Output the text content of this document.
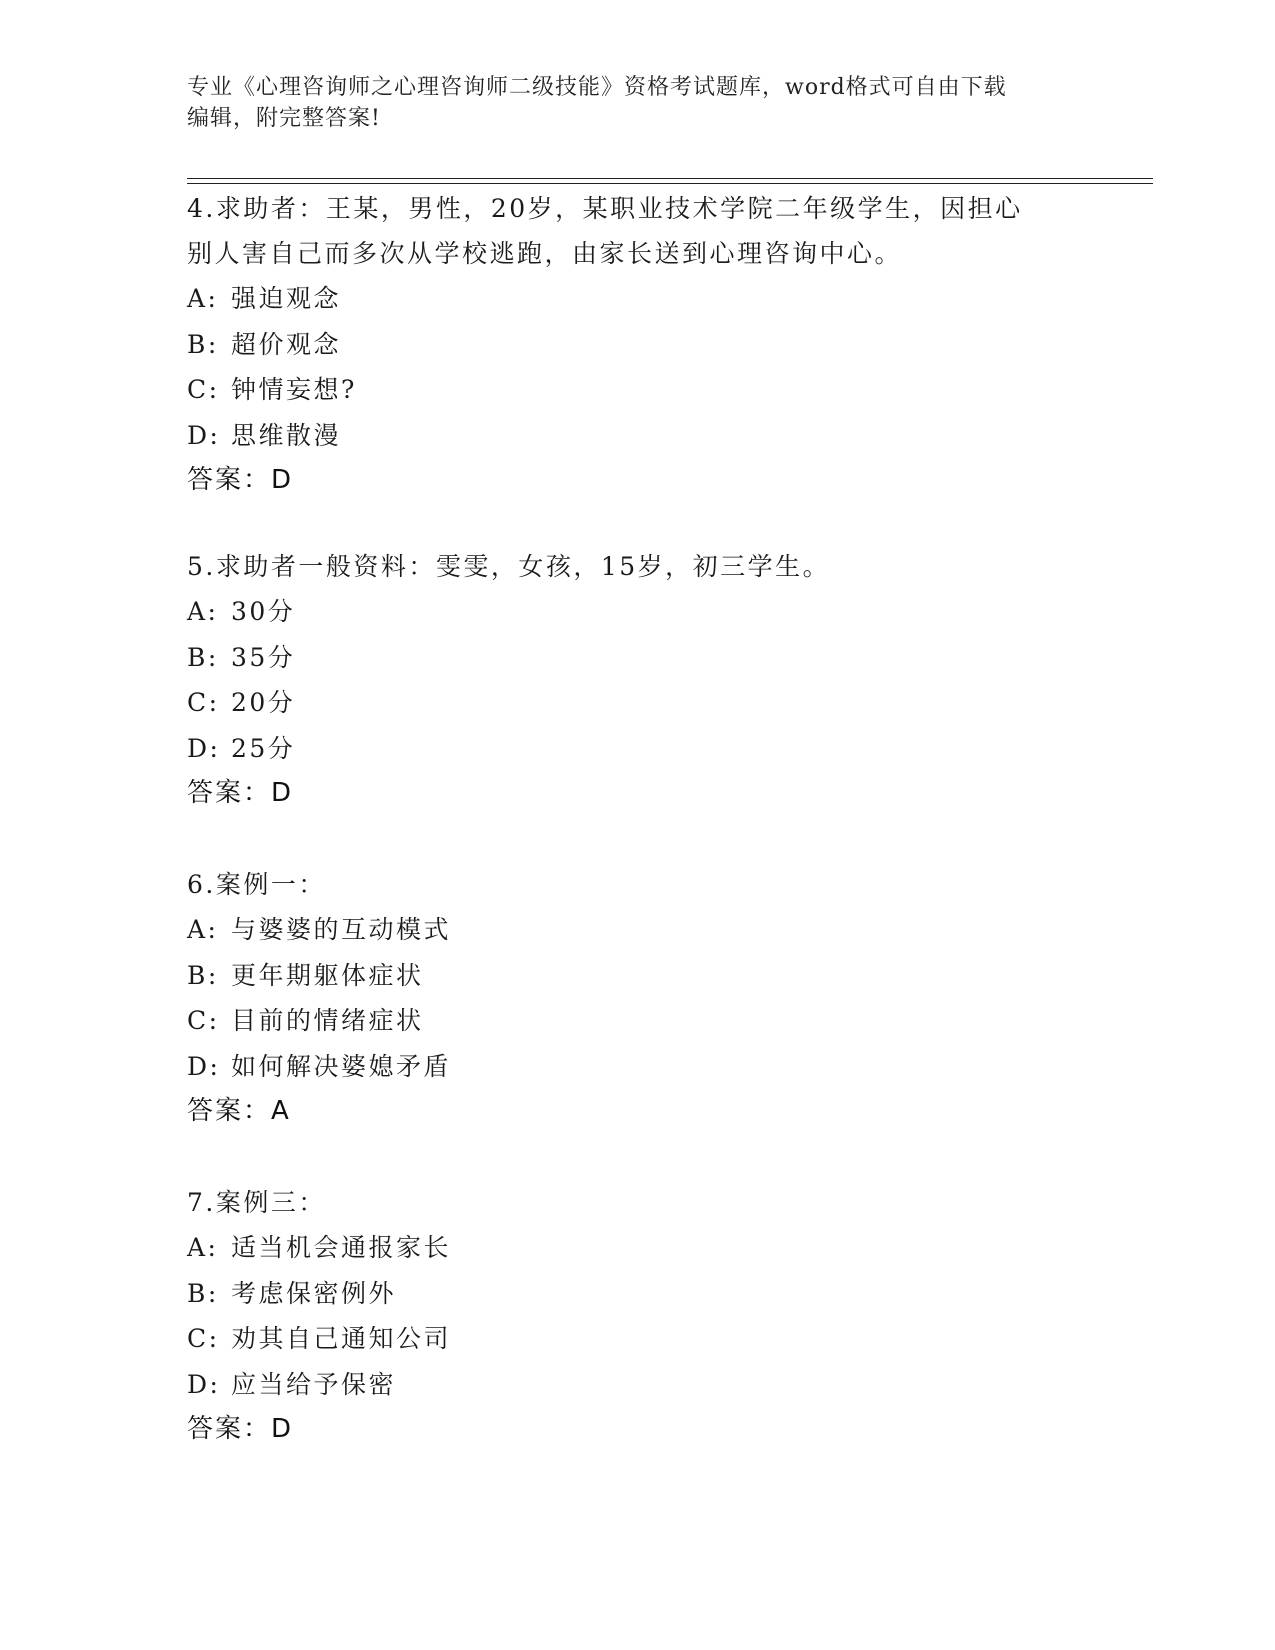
专业《心理咨询师之心理咨询师二级技能》资格考试题库，word格式可自由下载
编辑，附完整答案!

4.求助者：王某，男性，20岁，某职业技术学院二年级学生，因担心

别人害自己而多次从学校逃跑，由家长送到心理咨询中心。

A: 强迫观念

B: 超价观念

C: 钟情妄想?

D: 思维散漫

答案：D

5.求助者一般资料：雯雯，女孩，15岁，初三学生。

A: 30分

B: 35分

C: 20分

D: 25分

答案：D

6.案例一：

A: 与婆婆的互动模式

B: 更年期躯体症状

C: 目前的情绪症状

D: 如何解决婆媳矛盾

答案：A

7.案例三：

A: 适当机会通报家长

B: 考虑保密例外

C: 劝其自己通知公司

D: 应当给予保密

答案：D
